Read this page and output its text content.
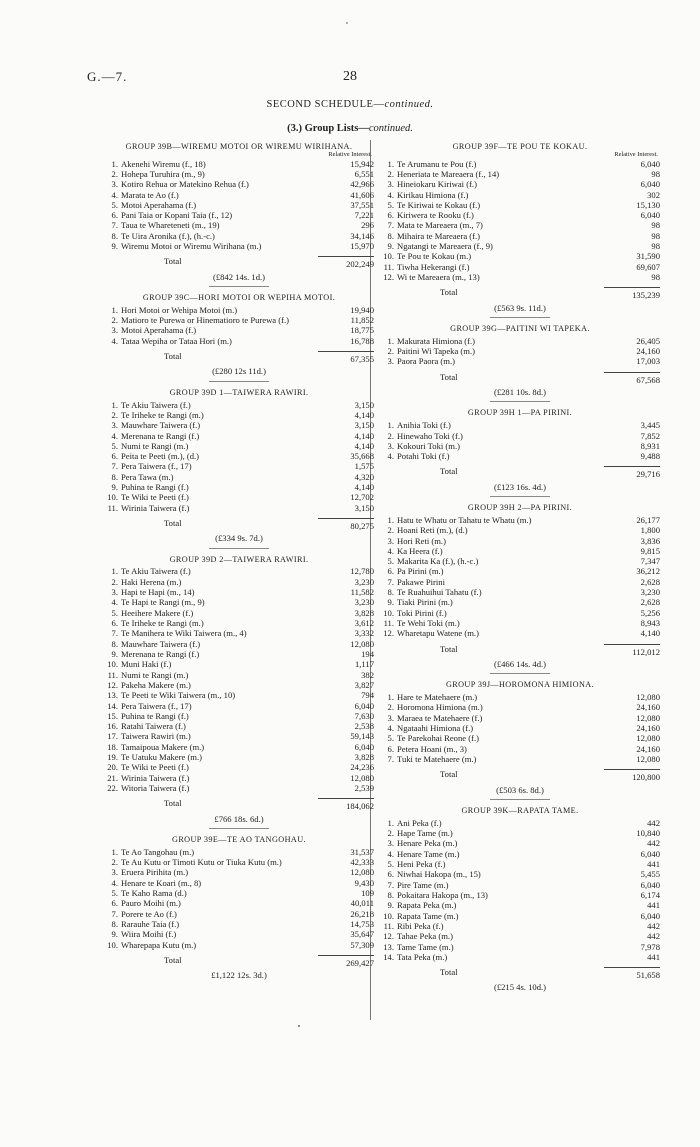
G.—7.	28
SECOND SCHEDULE—continued.
(3.) Group Lists—continued.
GROUP 39B—WIREMU MOTOI OR WIREMU WIRIHANA.
Relative Interest.
1. Akenehi Wiremu (f., 18)	15,942
2. Hohepa Turuhira (m., 9)	6,551
3. Kotiro Rehua or Matekino Rehua (f.)	42,966
4. Marata te Ao (f.)	41,606
5. Motoi Aperahama (f.)	37,551
6. Pani Taia or Kopani Taia (f., 12)	7,221
7. Taua te Whareteneti (m., 19)	296
8. Te Uira Aronika (f.), (h.-c.)	34,146
9. Wiremu Motoi or Wiremu Wirihana (m.)	15,970
Total	202,249
(£842 14s. 1d.)
GROUP 39C—HORI MOTOI OR WEPIHA MOTOI.
1. Hori Motoi or Wehipa Motoi (m.)	19,940
2. Matioro te Purewa or Hinematioro te Purewa (f.)	11,852
3. Motoi Aperahama (f.)	18,775
4. Tataa Wepiha or Tataa Hori (m.)	16,788
Total	67,355
(£280 12s 11d.)
GROUP 39D 1—TAIWERA RAWIRI.
1. Te Akiu Taiwera (f.)	3,150
2. Te Iriheke te Rangi (m.)	4,140
3. Mauwhare Taiwera (f.)	3,150
4. Merenana te Rangi (f.)	4,140
5. Numi te Rangi (m.)	4,140
6. Peita te Peeti (m.), (d.)	35,668
7. Pera Taiwera (f., 17)	1,575
8. Pera Tawa (m.)	4,320
9. Puhina te Rangi (f.)	4,140
10. Te Wiki te Peeti (f.)	12,702
11. Wirinia Taiwera (f.)	3,150
Total	80,275
(£334 9s. 7d.)
GROUP 39D 2—TAIWERA RAWIRI.
1. Te Akiu Taiwera (f.)	12,780
2. Haki Herena (m.)	3,230
3. Hapi te Hapi (m., 14)	11,582
4. Te Hapi te Rangi (m., 9)	3,230
5. Heeihere Makere (f.)	3,828
6. Te Iriheke te Rangi (m.)	3,612
7. Te Manihera te Wiki Taiwera (m., 4)	3,332
8. Mauwhare Taiwera (f.)	12,080
9. Merenana te Rangi (f.)	194
10. Muni Haki (f.)	1,117
11. Numi te Rangi (m.)	382
12. Pakeha Makere (m.)	3,827
13. Te Peeti te Wiki Taiwera (m., 10)	794
14. Pera Taiwera (f., 17)	6,040
15. Puhina te Rangi (f.)	7,630
16. Ratahi Taiwera (f.)	2,538
17. Taiwera Rawiri (m.)	59,143
18. Tamaipoua Makere (m.)	6,040
19. Te Uatuku Makere (m.)	3,828
20. Te Wiki te Peeti (f.)	24,236
21. Wirinia Taiwera (f.)	12,080
22. Witoria Taiwera (f.)	2,539
Total	184,062
£766 18s. 6d.)
GROUP 39E—TE AO TANGOHAU.
1. Te Ao Tangohau (m.)	31,537
2. Te Au Kutu or Timoti Kutu or Tiuka Kutu (m.)	42,333
3. Eruera Pirihita (m.)	12,080
4. Henare te Koari (m., 8)	9,430
5. Te Kaho Rama (d.)	109
6. Pauro Moihi (m.)	40,011
7. Porere te Ao (f.)	26,218
8. Rarauhe Taia (f.)	14,753
9. Wiira Moihi (f.)	35,647
10. Wharepapa Kutu (m.)	57,309
Total	269,427
£1,122 12s. 3d.)
GROUP 39F—TE POU TE KOKAU.
Relative Interest.
1. Te Arumanu te Pou (f.)	6,040
2. Heneriata te Mareaera (f., 14)	98
3. Hineiokaru Kiriwai (f.)	6,040
4. Kirikau Himiona (f.)	302
5. Te Kiriwai te Kokau (f.)	15,130
6. Kiriwera te Rooku (f.)	6,040
7. Mata te Mareaera (m., 7)	98
8. Mihaira te Mareaera (f.)	98
9. Ngatangi te Mareaera (f., 9)	98
10. Te Pou te Kokau (m.)	31,590
11. Tiwha Hekerangi (f.)	69,607
12. Wi te Mareaera (m., 13)	98
Total	135,239
(£563 9s. 11d.)
GROUP 39G—PAITINI WI TAPEKA.
1. Makurata Himiona (f.)	26,405
2. Paitini Wi Tapeka (m.)	24,160
3. Paora Paora (m.)	17,003
Total	67,568
(£281 10s. 8d.)
GROUP 39H 1—PA PIRINI.
1. Anihia Toki (f.)	3,445
2. Hinewaho Toki (f.)	7,852
3. Kokouri Toki (m.)	8,931
4. Potahi Toki (f.)	9,488
Total	29,716
(£123 16s. 4d.)
GROUP 39H 2—PA PIRINI.
1. Hatu te Whatu or Tahatu te Whatu (m.)	26,177
2. Hoani Reti (m.), (d.)	1,800
3. Hori Reti (m.)	3,836
4. Ka Heera (f.)	9,815
5. Makarita Ka (f.), (h.-c.)	7,347
6. Pa Pirini (m.)	36,212
7. Pakawe Pirini	2,628
8. Te Ruahuihui Tahatu (f.)	3,230
9. Tiaki Pirini (m.)	2,628
10. Toki Pirini (f.)	5,256
11. Te Wehi Toki (m.)	8,943
12. Wharetapu Watene (m.)	4,140
Total	112,012
(£466 14s. 4d.)
GROUP 39J—HOROMONA HIMIONA.
1. Hare te Matehaere (m.)	12,080
2. Horomona Himiona (m.)	24,160
3. Maraea te Matehaere (f.)	12,080
4. Ngataahi Himiona (f.)	24,160
5. Te Parekohai Reone (f.)	12,080
6. Petera Hoani (m., 3)	24,160
7. Tuki te Matehaere (m.)	12,080
Total	120,800
(£503 6s. 8d.)
GROUP 39K—RAPATA TAME.
1. Ani Peka (f.)	442
2. Hape Tame (m.)	10,840
3. Henare Peka (m.)	442
4. Henare Tame (m.)	6,040
5. Heni Peka (f.)	441
6. Niwhai Hakopa (m., 15)	5,455
7. Pire Tame (m.)	6,040
8. Pokaitara Hakopa (m., 13)	6,174
9. Rapata Peka (m.)	441
10. Rapata Tame (m.)	6,040
11. Ribi Peka (f.)	442
12. Tahae Peka (m.)	442
13. Tame Tame (m.)	7,978
14. Tata Peka (m.)	441
Total	51,658
(£215 4s. 10d.)
